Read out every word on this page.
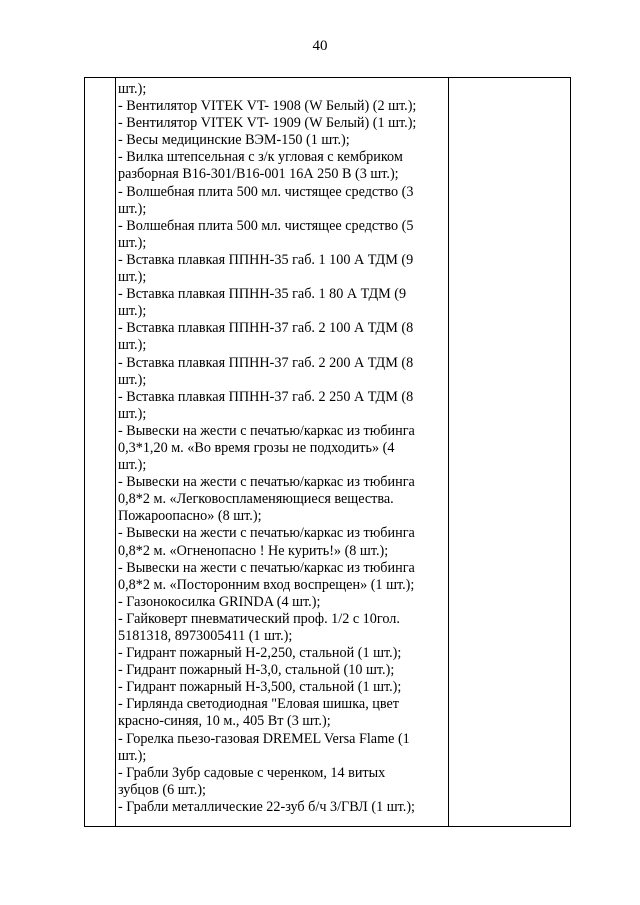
40
шт.);
- Вентилятор VITEK VT- 1908 (W Белый) (2 шт.);
- Вентилятор VITEK VT- 1909 (W Белый) (1 шт.);
- Весы медицинские ВЭМ-150 (1 шт.);
- Вилка штепсельная с з/к угловая с кембриком
разборная В16-301/В16-001 16А 250 В (3 шт.);
- Волшебная плита 500 мл. чистящее средство (3
шт.);
- Волшебная плита 500 мл. чистящее средство (5
шт.);
- Вставка плавкая ППНН-35 габ. 1 100 А ТДМ (9
шт.);
- Вставка плавкая ППНН-35 габ. 1 80 А ТДМ (9
шт.);
- Вставка плавкая ППНН-37 габ. 2 100 А ТДМ (8
шт.);
- Вставка плавкая ППНН-37 габ. 2 200 А ТДМ (8
шт.);
- Вставка плавкая ППНН-37 габ. 2 250 А ТДМ (8
шт.);
- Вывески на жести с печатью/каркас из тюбинга
0,3*1,20 м. «Во время грозы не подходить» (4
шт.);
- Вывески на жести с печатью/каркас из тюбинга
0,8*2 м. «Легковоспламеняющиеся вещества.
Пожароопасно» (8 шт.);
- Вывески на жести с печатью/каркас из тюбинга
0,8*2 м. «Огненопасно ! Не курить!» (8 шт.);
- Вывески на жести с печатью/каркас из тюбинга
0,8*2 м. «Посторонним вход воспрещен» (1 шт.);
- Газонокосилка GRINDA (4 шт.);
- Гайковерт пневматический проф. 1/2 с 10гол.
5181318, 8973005411 (1 шт.);
- Гидрант пожарный Н-2,250, стальной (1 шт.);
- Гидрант пожарный Н-3,0, стальной (10 шт.);
- Гидрант пожарный Н-3,500, стальной (1 шт.);
- Гирлянда светодиодная "Еловая шишка, цвет
красно-синяя, 10 м., 405 Вт (3 шт.);
- Горелка пьезо-газовая DREMEL Versa Flame (1
шт.);
- Грабли Зубр садовые с черенком, 14 витых
зубцов (6 шт.);
- Грабли металлические 22-зуб б/ч 3/ГВЛ (1 шт.);
